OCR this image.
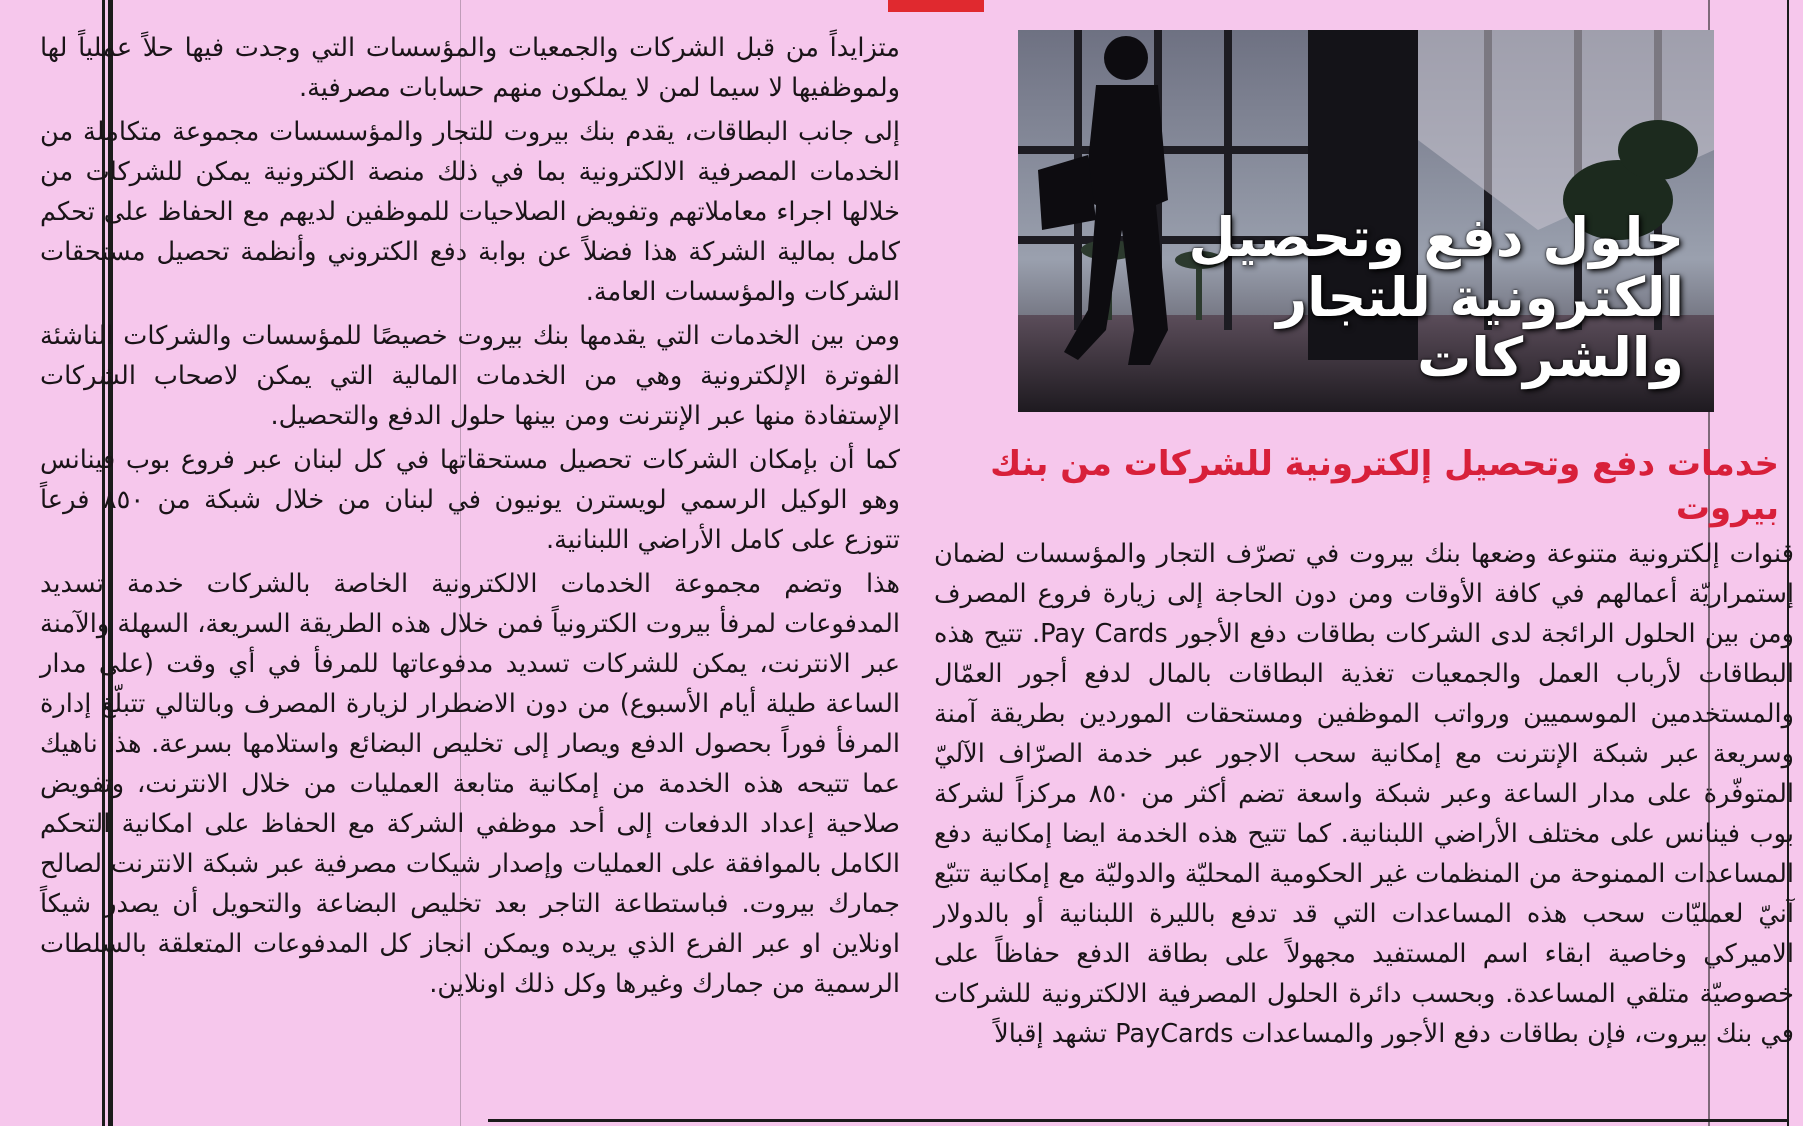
متزايداً من قبل الشركات والجمعيات والمؤسسات التي وجدت فيها حلاً عملياً لها ولموظفيها لا سيما لمن لا يملكون منهم حسابات مصرفية.

إلى جانب البطاقات، يقدم بنك بيروت للتجار والمؤسسسات مجموعة متكاملة من الخدمات المصرفية الالكترونية بما في ذلك منصة الكترونية يمكن للشركات من خلالها اجراء معاملاتهم وتفويض الصلاحيات للموظفين لديهم مع الحفاظ على تحكم كامل بمالية الشركة هذا فضلاً عن بوابة دفع الكتروني وأنظمة تحصيل مستحقات الشركات والمؤسسات العامة.

ومن بين الخدمات التي يقدمها بنك بيروت خصيصًا للمؤسسات والشركات الناشئة الفوترة الإلكترونية وهي من الخدمات المالية التي يمكن لاصحاب الشركات الإستفادة منها عبر الإنترنت ومن بينها حلول الدفع والتحصيل.

كما أن بإمكان الشركات تحصيل مستحقاتها في كل لبنان عبر فروع بوب فينانس وهو الوكيل الرسمي لويسترن يونيون في لبنان من خلال شبكة من ٨٥٠ فرعاً تتوزع على كامل الأراضي اللبنانية.

هذا وتضم مجموعة الخدمات الالكترونية الخاصة بالشركات خدمة تسديد المدفوعات لمرفأ بيروت الكترونياً فمن خلال هذه الطريقة السريعة، السهلة والآمنة عبر الانترنت، يمكن للشركات تسديد مدفوعاتها للمرفأ في أي وقت (على مدار الساعة طيلة أيام الأسبوع) من دون الاضطرار لزيارة المصرف وبالتالي تتبلّغ إدارة المرفأ فوراً بحصول الدفع ويصار إلى تخليص البضائع واستلامها بسرعة. هذا ناهيك عما تتيحه هذه الخدمة من إمكانية متابعة العمليات من خلال الانترنت، وتفويض صلاحية إعداد الدفعات إلى أحد موظفي الشركة مع الحفاظ على امكانية التحكم الكامل بالموافقة على العمليات وإصدار شيكات مصرفية عبر شبكة الانترنت لصالح جمارك بيروت. فباستطاعة التاجر بعد تخليص البضاعة والتحويل أن يصدر شيكاً اونلاين او عبر الفرع الذي يريده ويمكن انجاز كل المدفوعات المتعلقة بالسلطات الرسمية من جمارك وغيرها وكل ذلك اونلاين.

حلول دفع وتحصيل
الكترونية للتجار
والشركات
خدمات دفع وتحصيل إلكترونية للشركات من بنك بيروت

قنوات إلكترونية متنوعة وضعها بنك بيروت في تصرّف التجار والمؤسسات لضمان إستمراريّة أعمالهم في كافة الأوقات ومن دون الحاجة إلى زيارة فروع المصرف ومن بين الحلول الرائجة لدى الشركات بطاقات دفع الأجور Pay Cards. تتيح هذه البطاقات لأرباب العمل والجمعيات تغذية البطاقات بالمال لدفع أجور العمّال والمستخدمين الموسميين ورواتب الموظفين ومستحقات الموردين بطريقة آمنة وسريعة عبر شبكة الإنترنت مع إمكانية سحب الاجور عبر خدمة الصرّاف الآليّ المتوفّرة على مدار الساعة وعبر شبكة واسعة تضم أكثر من ٨٥٠ مركزاً لشركة بوب فينانس على مختلف الأراضي اللبنانية. كما تتيح هذه الخدمة ايضا إمكانية دفع المساعدات الممنوحة من المنظمات غير الحكومية المحليّة والدوليّة مع إمكانية تتبّع آنيّ لعمليّات سحب هذه المساعدات التي قد تدفع بالليرة اللبنانية أو بالدولار الاميركي وخاصية ابقاء اسم المستفيد مجهولاً على بطاقة الدفع حفاظاً على خصوصيّة متلقي المساعدة. وبحسب دائرة الحلول المصرفية الالكترونية للشركات في بنك بيروت، فإن بطاقات دفع الأجور والمساعدات PayCards تشهد إقبالاً
